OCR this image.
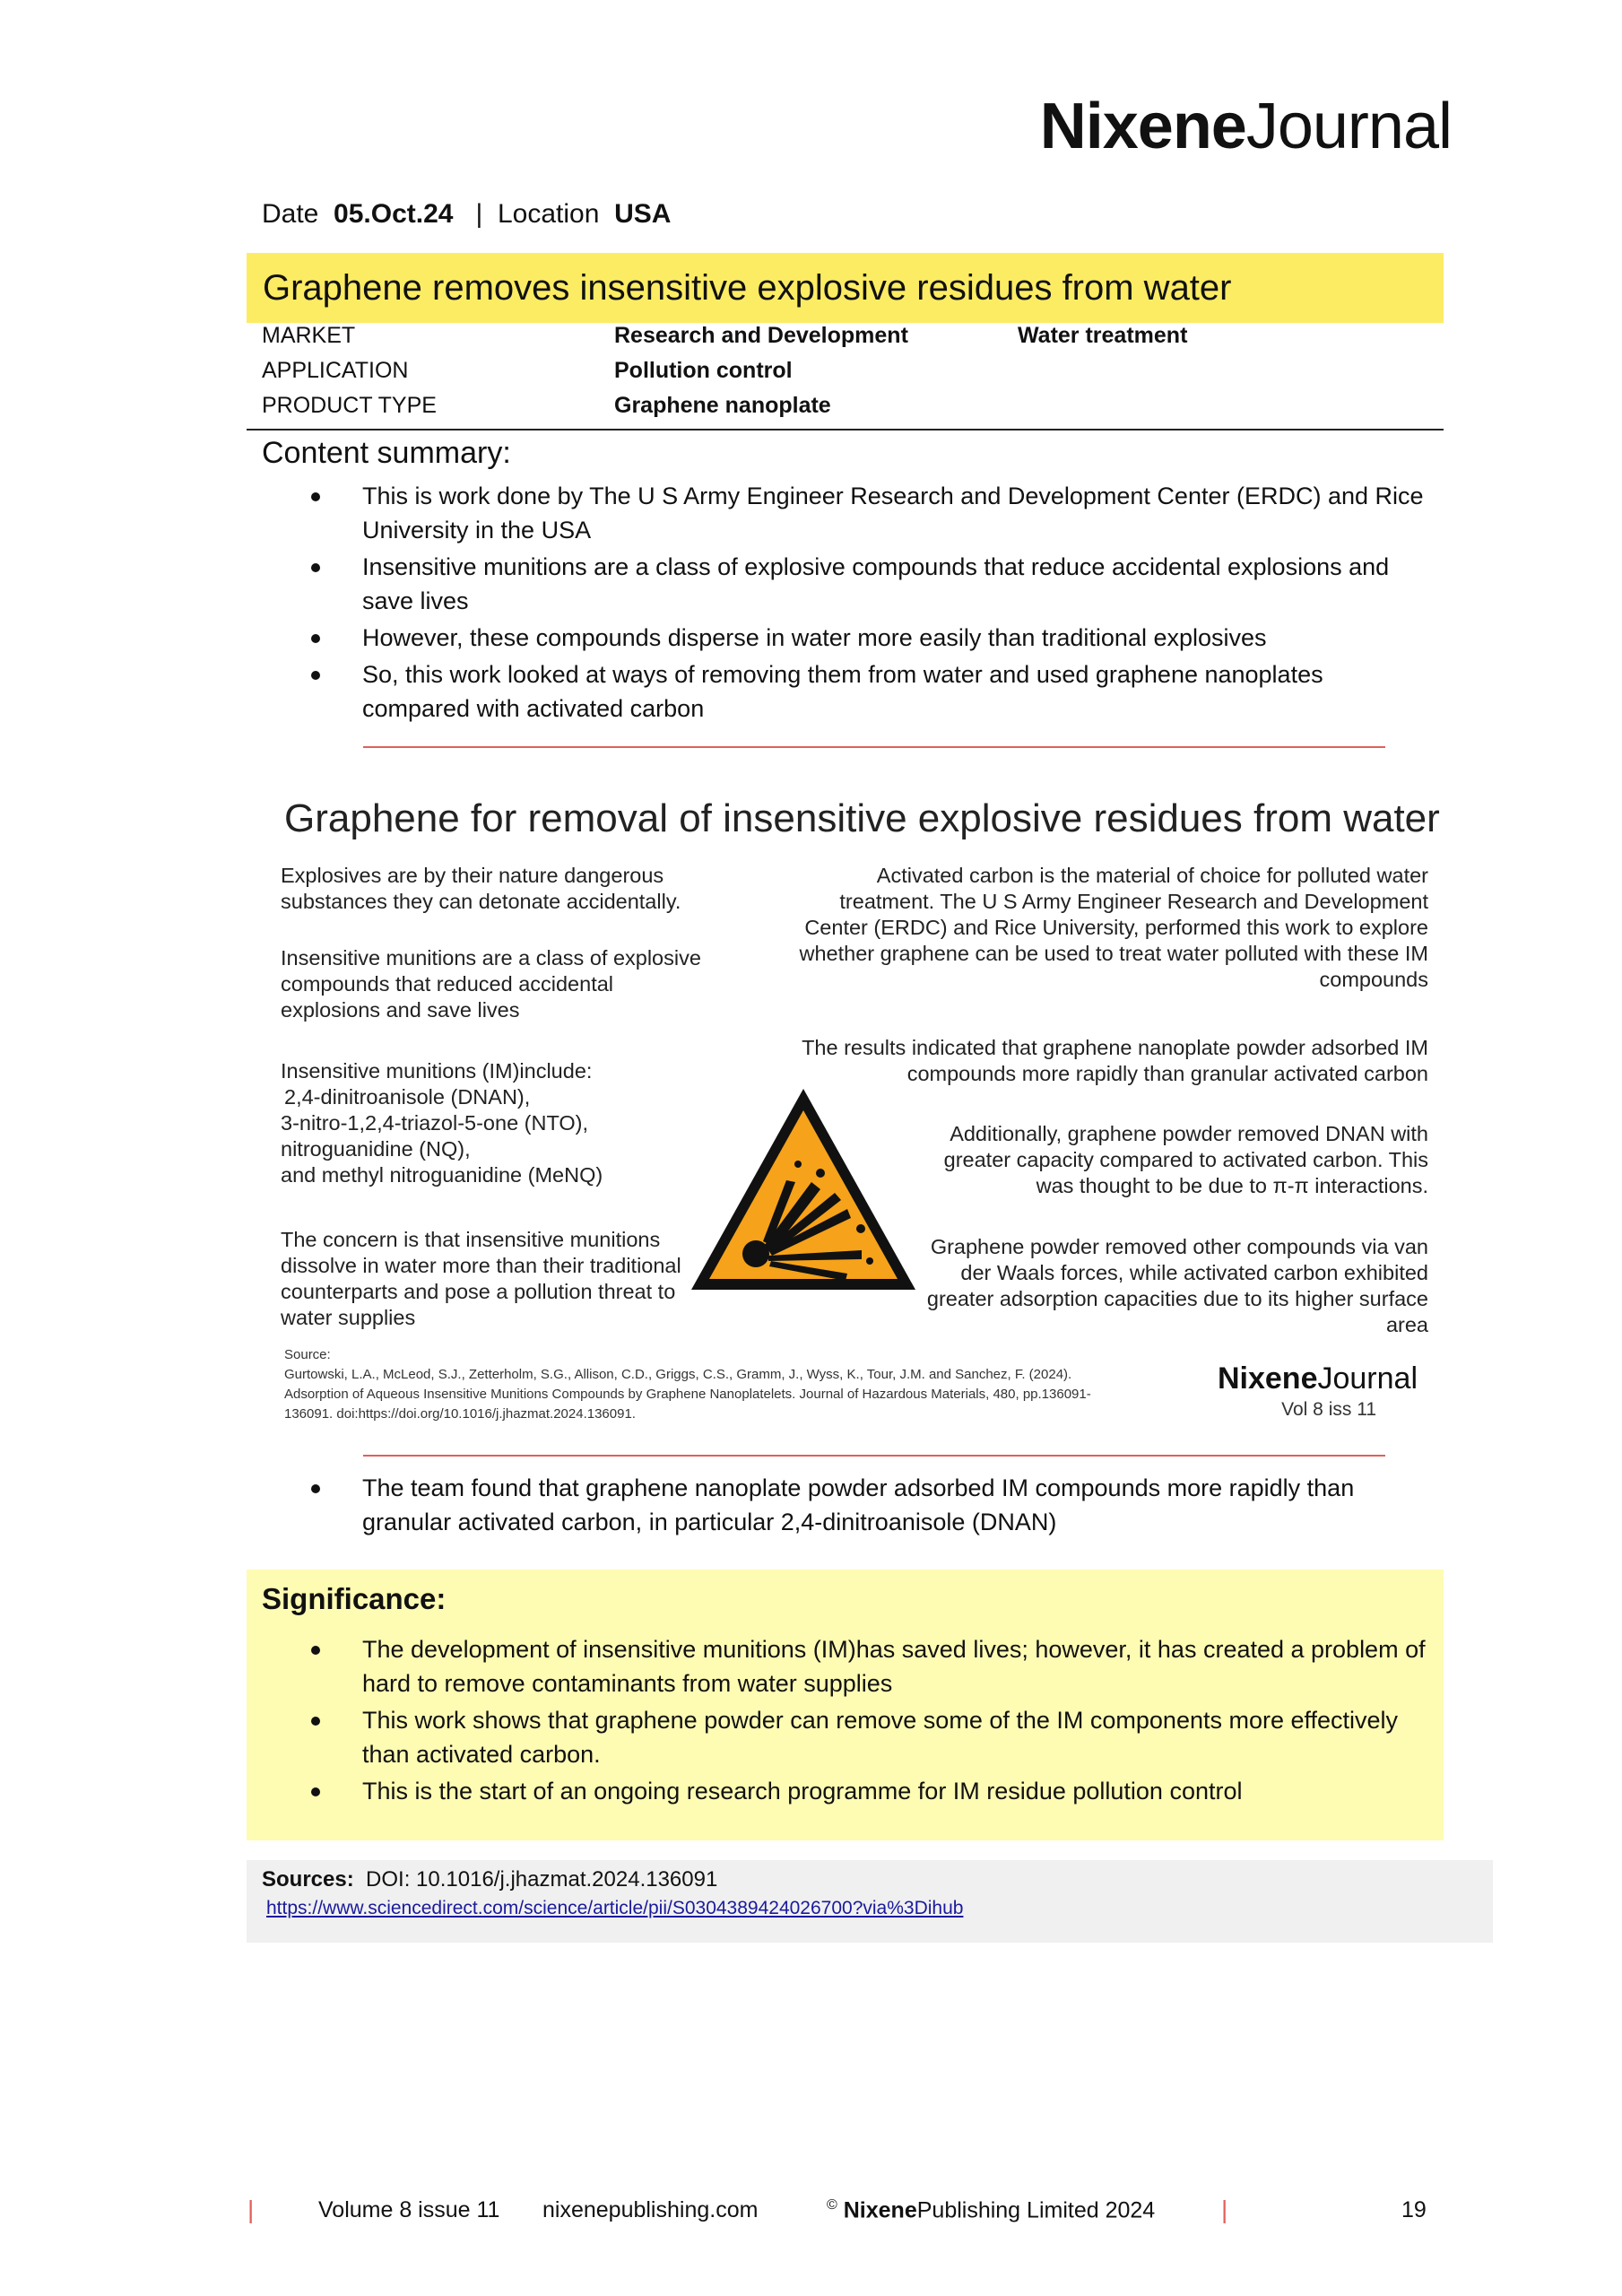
NixeneJournal
Date 05.Oct.24 | Location USA
Graphene removes insensitive explosive residues from water
MARKET	Research and Development	Water treatment
APPLICATION	Pollution control
PRODUCT TYPE	Graphene nanoplate
Content summary:
This is work done by The U S Army Engineer Research and Development Center (ERDC) and Rice University in the USA
Insensitive munitions are a class of explosive compounds that reduce accidental explosions and save lives
However, these compounds disperse in water more easily than traditional explosives
So, this work looked at ways of removing them from water and used graphene nanoplates compared with activated carbon
Graphene for removal of insensitive explosive residues from water
Explosives are by their nature dangerous substances they can detonate accidentally.
Insensitive munitions are a class of explosive compounds that reduced accidental explosions and save lives
Insensitive munitions (IM)include:
2,4-dinitroanisole (DNAN),
3-nitro-1,2,4-triazol-5-one (NTO),
nitroguanidine (NQ),
and methyl nitroguanidine (MeNQ)
The concern is that insensitive munitions dissolve in water more than their traditional counterparts and pose a pollution threat to water supplies
Activated carbon is the material of choice for polluted water treatment. The U S Army Engineer Research and Development Center (ERDC) and Rice University, performed this work to explore whether graphene can be used to treat water polluted with these IM compounds
The results indicated that graphene nanoplate powder adsorbed IM compounds more rapidly than granular activated carbon
Additionally, graphene powder removed DNAN with greater capacity compared to activated carbon. This was thought to be due to π-π interactions.
Graphene powder removed other compounds via van der Waals forces, while activated carbon exhibited greater adsorption capacities due to its higher surface area
Source:
Gurtowski, L.A., McLeod, S.J., Zetterholm, S.G., Allison, C.D., Griggs, C.S., Gramm, J., Wyss, K., Tour, J.M. and Sanchez, F. (2024). Adsorption of Aqueous Insensitive Munitions Compounds by Graphene Nanoplatelets. Journal of Hazardous Materials, 480, pp.136091-136091. doi:https://doi.org/10.1016/j.jhazmat.2024.136091.
NixeneJournal
Vol 8 iss 11
The team found that graphene nanoplate powder adsorbed IM compounds more rapidly than granular activated carbon, in particular 2,4-dinitroanisole (DNAN)
Significance:
The development of insensitive munitions (IM)has saved lives; however, it has created a problem of hard to remove contaminants from water supplies
This work shows that graphene powder can remove some of the IM components more effectively than activated carbon.
This is the start of an ongoing research programme for IM residue pollution control
Sources: DOI: 10.1016/j.jhazmat.2024.136091
https://www.sciencedirect.com/science/article/pii/S0304389424026700?via%3Dihub
|	Volume 8 issue 11 nixenepublishing.com	© NixenePublishing Limited 2024	|	19
